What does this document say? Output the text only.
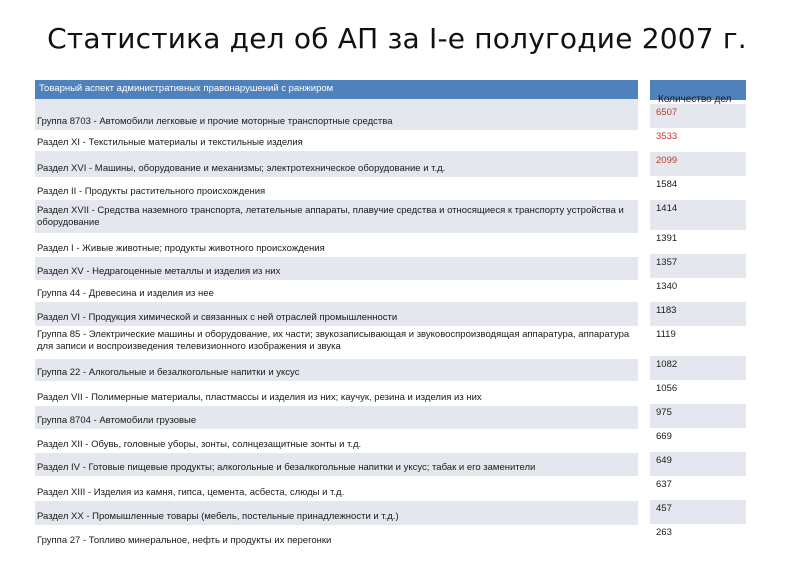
Статистика дел об АП за I-е полугодие 2007 г.
Товарный аспект административных правонарушений с ранжиром
Группа 8703 - Автомобили легковые и прочие моторные транспортные средства
Раздел XI - Текстильные материалы и текстильные изделия
Раздел XVI - Машины, оборудование и механизмы; электротехническое оборудование и т.д.
Раздел II - Продукты растительного происхождения
Раздел XVII - Средства наземного транспорта, летательные аппараты, плавучие средства и относящиеся к транспорту устройства и оборудование
Раздел I - Живые животные; продукты животного происхождения
Раздел XV - Недрагоценные металлы и изделия из них
Группа 44 - Древесина и изделия из нее
Раздел VI - Продукция химической и связанных с ней отраслей промышленности
Группа 85 - Электрические машины и оборудование, их части; звукозаписывающая и звуковоспроизводящая аппаратура, аппаратура для записи и воспроизведения телевизионного изображения и звука
Группа 22 - Алкогольные и безалкогольные напитки и уксус
Раздел VII - Полимерные материалы, пластмассы и изделия из них; каучук, резина и изделия из них
Группа 8704 - Автомобили грузовые
Раздел XII - Обувь, головные уборы, зонты, солнцезащитные зонты и т.д.
Раздел IV - Готовые пищевые продукты; алкогольные и безалкогольные напитки и уксус; табак и его заменители
Раздел XIII - Изделия из камня, гипса, цемента, асбеста, слюды и т.д.
Раздел XX - Промышленные товары (мебель, постельные принадлежности и т.д.)
Группа 27 - Топливо минеральное, нефть и продукты их перегонки
Количество дел
6507
3533
2099
1584
1414
1391
1357
1340
1183
1119
1082
1056
975
669
649
637
457
263
